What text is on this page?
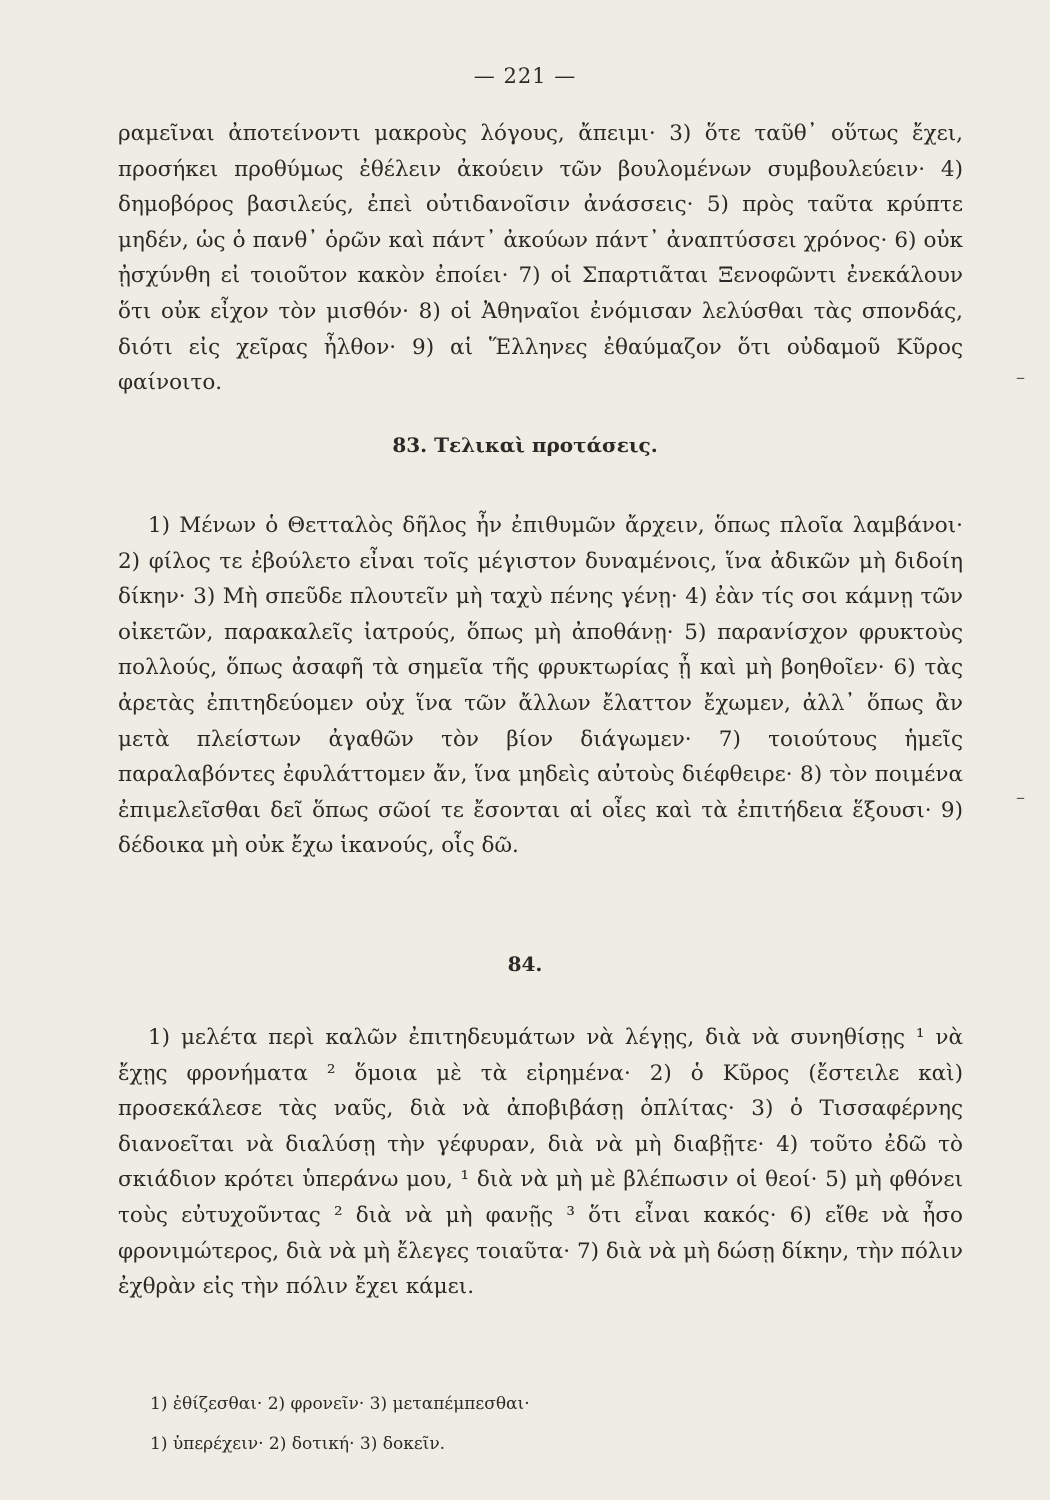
— 221 —

ραμεῖναι ἀποτείνοντι μακροὺς λόγους, ἄπειμι· 3) ὅτε ταῦθ᾽ οὕτως ἔχει, προσήκει προθύμως ἐθέλειν ἀκούειν τῶν βουλομένων συμβουλεύειν· 4) δημοβόρος βασιλεύς, ἐπεὶ οὐτιδανοῖσιν ἀνάσσεις· 5) πρὸς ταῦτα κρύπτε μηδέν, ὡς ὁ πανθ᾽ ὁρῶν καὶ πάντ᾽ ἀκούων πάντ᾽ ἀναπτύσσει χρόνος· 6) οὐκ ᾐσχύνθη εἰ τοιοῦτον κακὸν ἐποίει· 7) οἱ Σπαρτιᾶται Ξενοφῶντι ἐνεκάλουν ὅτι οὐκ εἶχον τὸν μισθόν· 8) οἱ Ἀθηναῖοι ἐνόμισαν λελύσθαι τὰς σπονδάς, διότι εἰς χεῖρας ἦλθον· 9) αἱ Ἕλληνες ἐθαύμαζον ὅτι οὐδαμοῦ Κῦρος φαίνοιτο.	–
83. Τελικαὶ προτάσεις.

1) Μένων ὁ Θετταλὸς δῆλος ἦν ἐπιθυμῶν ἄρχειν, ὅπως πλοῖα λαμβάνοι· 2) φίλος τε ἐβούλετο εἶναι τοῖς μέγιστον δυναμένοις, ἵνα ἀδικῶν μὴ διδοίη δίκην· 3) Μὴ σπεῦδε πλουτεῖν μὴ ταχὺ πένης γένῃ· 4) ἐὰν τίς σοι κάμνῃ τῶν οἰκετῶν, παρακαλεῖς ἰατρούς, ὅπως μὴ ἀποθάνῃ· 5) παρανίσχον φρυκτοὺς πολλούς, ὅπως ἀσαφῆ τὰ σημεῖα τῆς φρυκτωρίας ᾖ καὶ μὴ βοηθοῖεν· 6) τὰς ἀρετὰς ἐπιτηδεύομεν οὐχ ἵνα τῶν ἄλλων ἔλαττον ἔχωμεν, ἀλλ᾽ ὅπως ἂν μετὰ πλείστων ἀγαθῶν τὸν βίον διάγωμεν· 7) τοιούτους ἡμεῖς παραλαβόντες ἐφυλάττομεν ἄν, ἵνα μηδεὶς αὐτοὺς διέφθειρε· 8) τὸν ποιμένα ἐπιμελεῖσθαι δεῖ ὅπως σῶοί τε ἔσονται αἱ οἶες καὶ τὰ ἐπιτήδεια ἕξουσι· 9) δέδοικα μὴ οὐκ ἔχω ἱκανούς, οἷς δῶ.

–
84.

1) μελέτα περὶ καλῶν ἐπιτηδευμάτων νὰ λέγῃς, διὰ νὰ συνηθίσῃς ¹ νὰ ἔχῃς φρονήματα ² ὅμοια μὲ τὰ εἰρημένα· 2) ὁ Κῦρος (ἔστειλε καὶ) προσεκάλεσε τὰς ναῦς, διὰ νὰ ἀποβιβάσῃ ὁπλίτας· 3) ὁ Τισσαφέρνης διανοεῖται νὰ διαλύσῃ τὴν γέφυραν, διὰ νὰ μὴ διαβῇτε· 4) τοῦτο ἐδῶ τὸ σκιάδιον κρότει ὑπεράνω μου, ¹ διὰ νὰ μὴ μὲ βλέπωσιν οἱ θεοί· 5) μὴ φθόνει τοὺς εὐτυχοῦντας ² διὰ νὰ μὴ φανῇς ³ ὅτι εἶναι κακός· 6) εἴθε νὰ ἦσο φρονιμώτερος, διὰ νὰ μὴ ἔλεγες τοιαῦτα· 7) διὰ νὰ μὴ δώσῃ δίκην, τὴν πόλιν ἐχθρὰν εἰς τὴν πόλιν ἔχει κάμει.

1) ἐθίζεσθαι· 2) φρονεῖν· 3) μεταπέμπεσθαι·
1) ὑπερέχειν· 2) δοτική· 3) δοκεῖν.
